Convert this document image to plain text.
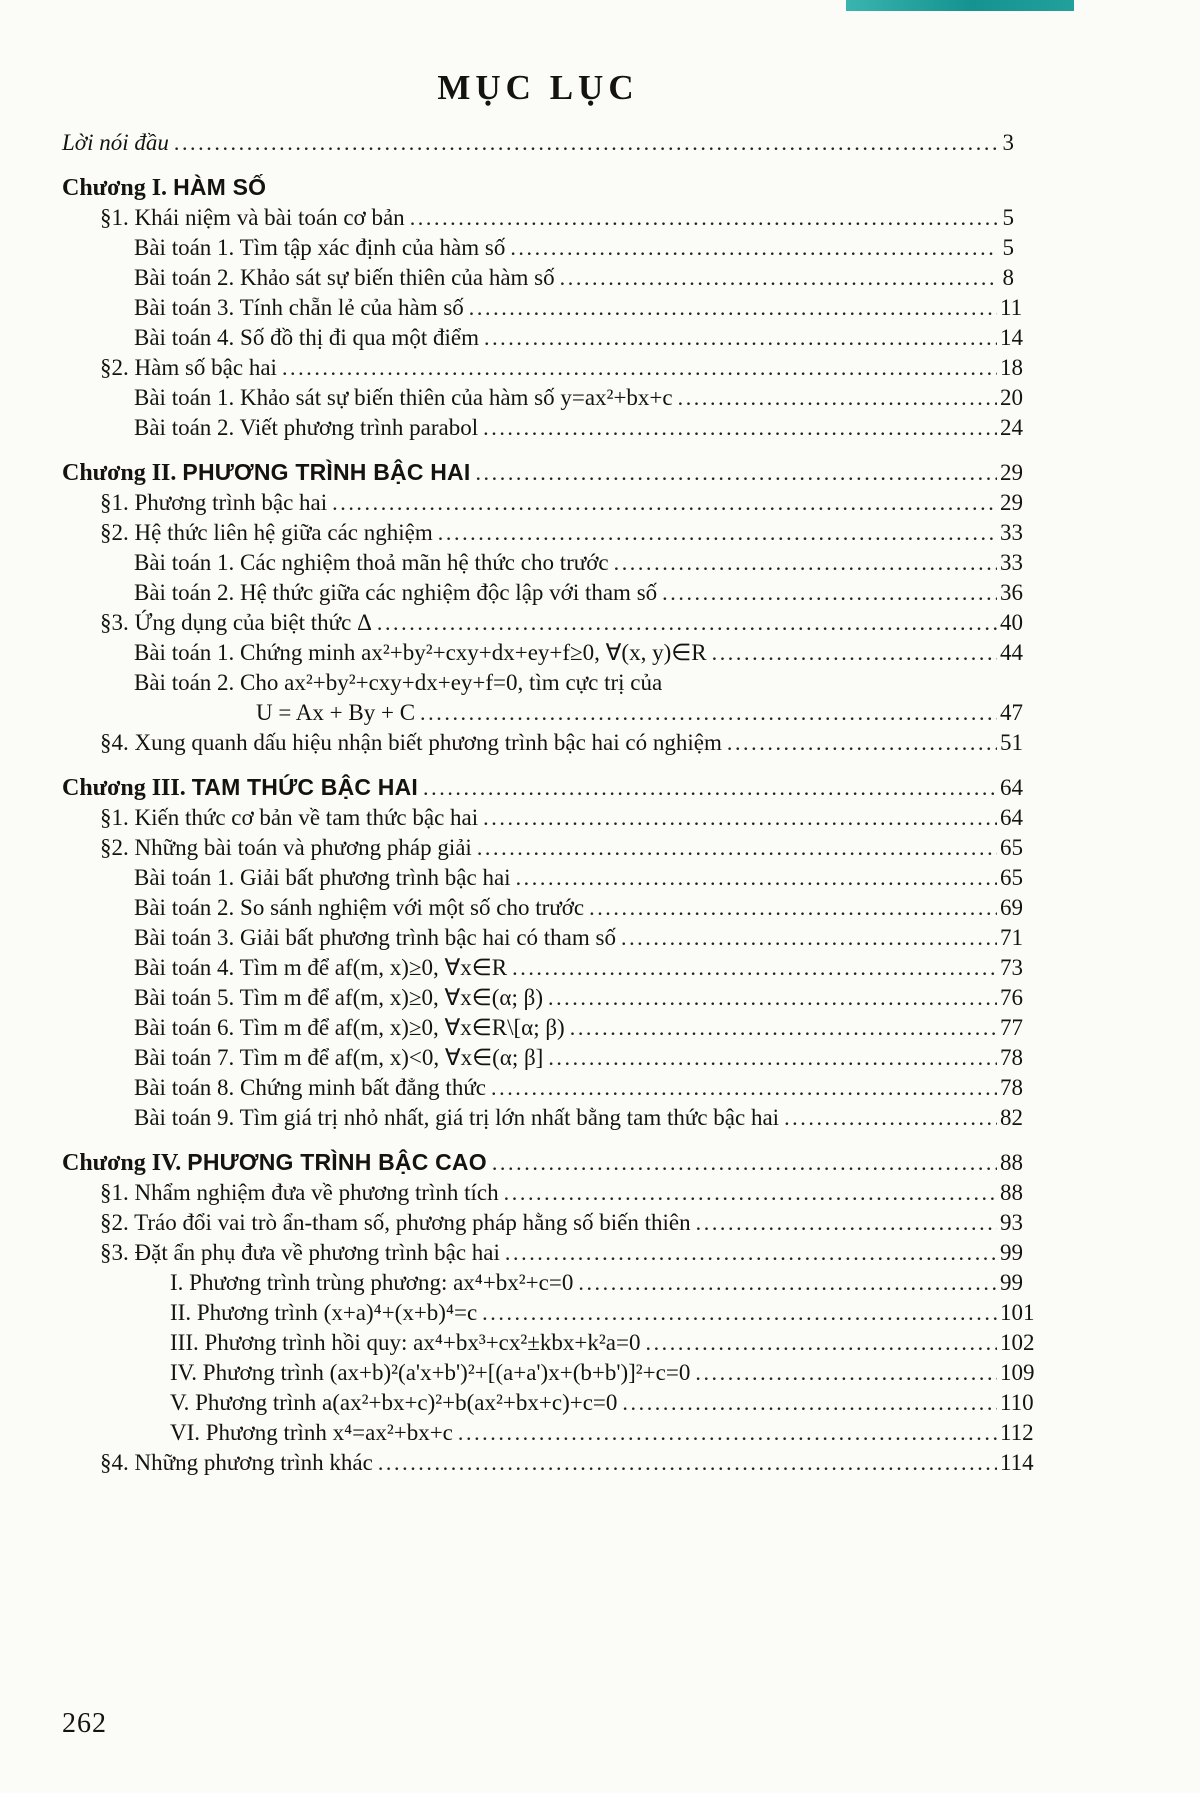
MỤC LỤC
Lời nói đầu .....	3
Chương I. HÀM SỐ
§1. Khái niệm và bài toán cơ bản .....	5
Bài toán 1. Tìm tập xác định của hàm số .....	5
Bài toán 2. Khảo sát sự biến thiên của hàm số .....	8
Bài toán 3. Tính chẵn lẻ của hàm số .....	11
Bài toán 4. Số đồ thị đi qua một điểm .....	14
§2. Hàm số bậc hai .....	18
Bài toán 1. Khảo sát sự biến thiên của hàm số y=ax²+bx+c .....	20
Bài toán 2. Viết phương trình parabol .....	24
Chương II. PHƯƠNG TRÌNH BẬC HAI .....	29
§1. Phương trình bậc hai .....	29
§2. Hệ thức liên hệ giữa các nghiệm .....	33
Bài toán 1. Các nghiệm thoả mãn hệ thức cho trước .....	33
Bài toán 2. Hệ thức giữa các nghiệm độc lập với tham số .....	36
§3. Ứng dụng của biệt thức Δ .....	40
Bài toán 1. Chứng minh ax²+by²+cxy+dx+ey+f≥0, ∀(x, y)∈R .....	44
Bài toán 2. Cho ax²+by²+cxy+dx+ey+f=0, tìm cực trị của
U = Ax + By + C .....	47
§4. Xung quanh dấu hiệu nhận biết phương trình bậc hai có nghiệm .....	51
Chương III. TAM THỨC BẬC HAI .....	64
§1. Kiến thức cơ bản về tam thức bậc hai .....	64
§2. Những bài toán và phương pháp giải .....	65
Bài toán 1. Giải bất phương trình bậc hai .....	65
Bài toán 2. So sánh nghiệm với một số cho trước .....	69
Bài toán 3. Giải bất phương trình bậc hai có tham số .....	71
Bài toán 4. Tìm m để af(m, x)≥0, ∀x∈R .....	73
Bài toán 5. Tìm m để af(m, x)≥0, ∀x∈(α; β) .....	76
Bài toán 6. Tìm m để af(m, x)≥0, ∀x∈R\[α; β) .....	77
Bài toán 7. Tìm m để af(m, x)<0, ∀x∈(α; β] .....	78
Bài toán 8. Chứng minh bất đẳng thức .....	78
Bài toán 9. Tìm giá trị nhỏ nhất, giá trị lớn nhất bằng tam thức bậc hai .....	82
Chương IV. PHƯƠNG TRÌNH BẬC CAO .....	88
§1. Nhẩm nghiệm đưa về phương trình tích .....	88
§2. Tráo đổi vai trò ẩn-tham số, phương pháp hằng số biến thiên .....	93
§3. Đặt ẩn phụ đưa về phương trình bậc hai .....	99
I. Phương trình trùng phương: ax⁴+bx²+c=0 .....	99
II. Phương trình (x+a)⁴+(x+b)⁴=c .....	101
III. Phương trình hồi quy: ax⁴+bx³+cx²±kbx+k²a=0 .....	102
IV. Phương trình (ax+b)²(a'x+b')²+[(a+a')x+(b+b')]²+c=0 .....	109
V. Phương trình a(ax²+bx+c)²+b(ax²+bx+c)+c=0 .....	110
VI. Phương trình x⁴=ax²+bx+c .....	112
§4. Những phương trình khác .....	114
262
